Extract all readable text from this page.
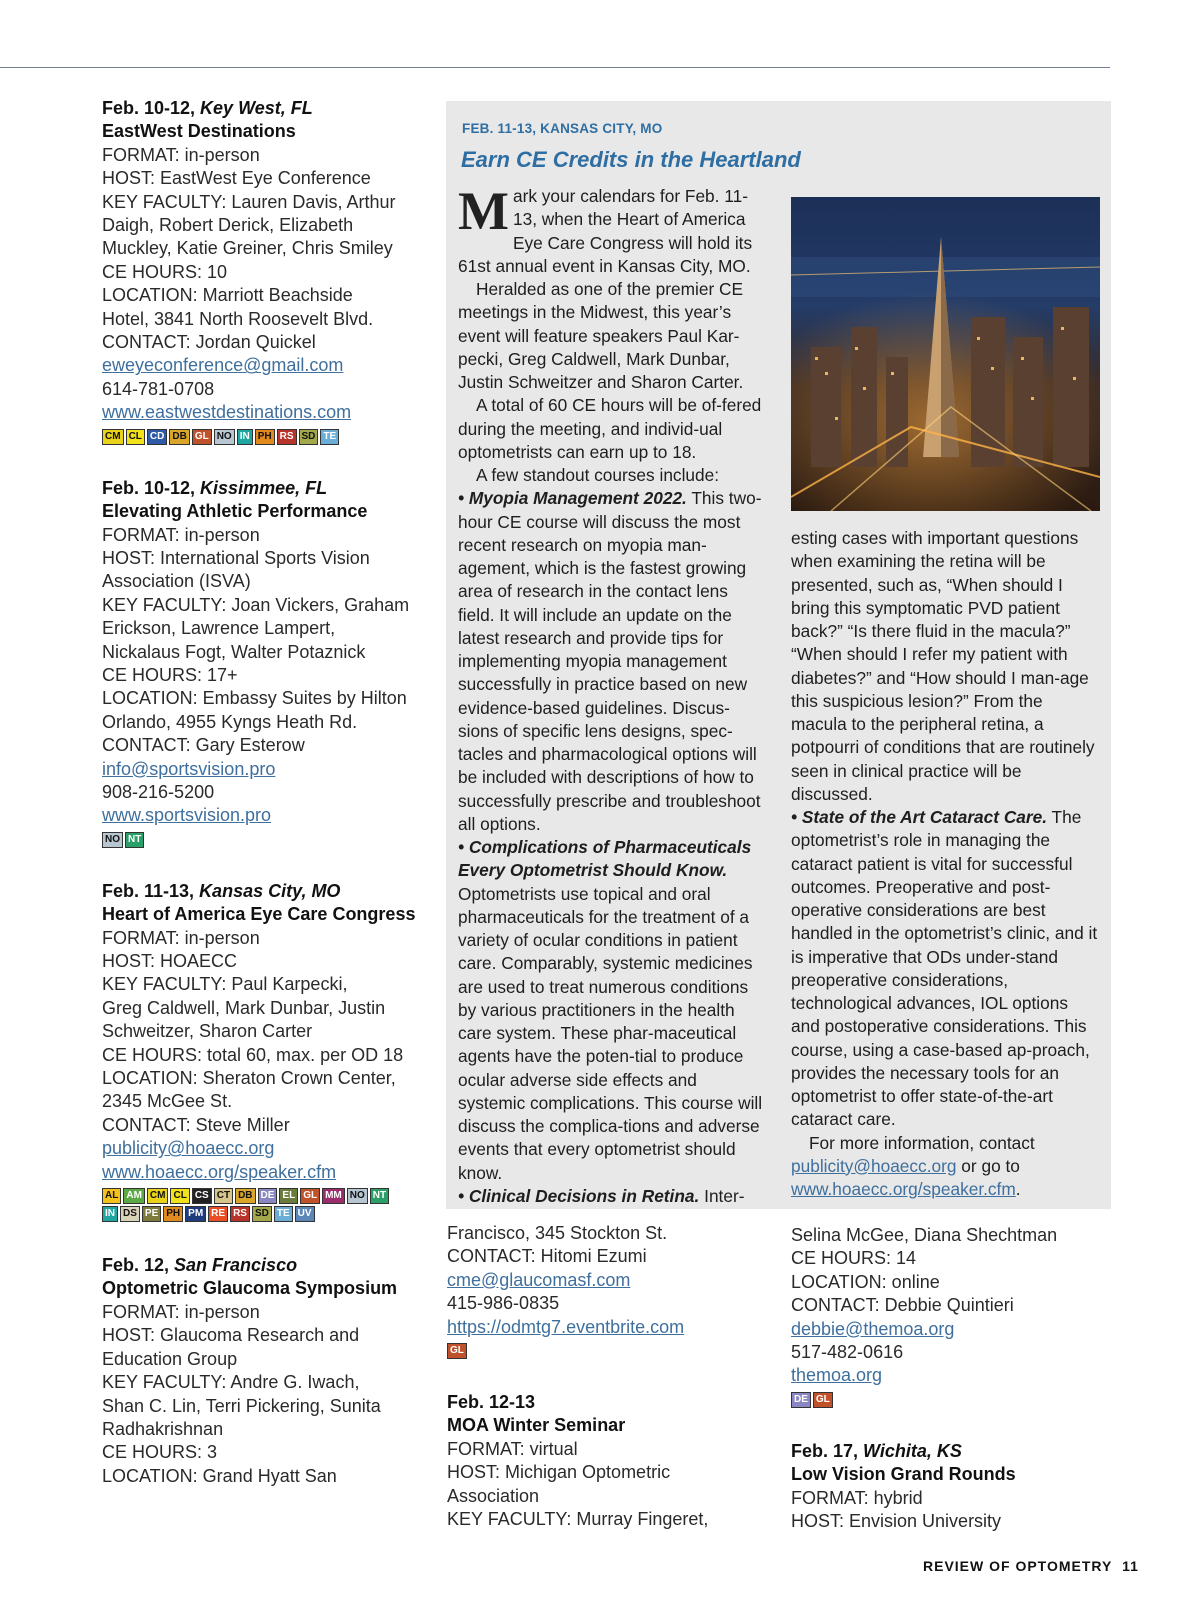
Feb. 10-12, Key West, FL
EastWest Destinations
FORMAT: in-person
HOST: EastWest Eye Conference
KEY FACULTY: Lauren Davis, Arthur
Daigh, Robert Derick, Elizabeth
Muckley, Katie Greiner, Chris Smiley
CE HOURS: 10
LOCATION: Marriott Beachside
Hotel, 3841 North Roosevelt Blvd.
CONTACT: Jordan Quickel
eweyeconference@gmail.com
614-781-0708
www.eastwestdestinations.com
CM CL CD DB GL NO IN PH RS SD TE
Feb. 10-12, Kissimmee, FL
Elevating Athletic Performance
FORMAT: in-person
HOST: International Sports Vision
Association (ISVA)
KEY FACULTY: Joan Vickers, Graham
Erickson, Lawrence Lampert,
Nickalaus Fogt, Walter Potaznick
CE HOURS: 17+
LOCATION: Embassy Suites by Hilton
Orlando, 4955 Kyngs Heath Rd.
CONTACT: Gary Esterow
info@sportsvision.pro
908-216-5200
www.sportsvision.pro
NO NT
Feb. 11-13, Kansas City, MO
Heart of America Eye Care Congress
FORMAT: in-person
HOST: HOAECC
KEY FACULTY: Paul Karpecki,
Greg Caldwell, Mark Dunbar, Justin
Schweitzer, Sharon Carter
CE HOURS: total 60, max. per OD 18
LOCATION: Sheraton Crown Center,
2345 McGee St.
CONTACT: Steve Miller
publicity@hoaecc.org
www.hoaecc.org/speaker.cfm
AL AM CM CL CS CT DB DE EL GL MM NO NT
IN DS PE PH PM RE RS SD TE UV
Feb. 12, San Francisco
Optometric Glaucoma Symposium
FORMAT: in-person
HOST: Glaucoma Research and
Education Group
KEY FACULTY: Andre G. Iwach,
Shan C. Lin, Terri Pickering, Sunita
Radhakrishnan
CE HOURS: 3
LOCATION: Grand Hyatt San
FEB. 11-13, KANSAS CITY, MO
Earn CE Credits in the Heartland
Mark your calendars for Feb. 11-13, when the Heart of America Eye Care Congress will hold its 61st annual event in Kansas City, MO.
Heralded as one of the premier CE meetings in the Midwest, this year’s event will feature speakers Paul Kar-pecki, Greg Caldwell, Mark Dunbar, Justin Schweitzer and Sharon Carter.
A total of 60 CE hours will be of-fered during the meeting, and individ-ual optometrists can earn up to 18.
A few standout courses include:
• Myopia Management 2022. This two-hour CE course will discuss the most recent research on myopia man-agement, which is the fastest growing area of research in the contact lens field. It will include an update on the latest research and provide tips for implementing myopia management successfully in practice based on new evidence-based guidelines. Discus-sions of specific lens designs, spec-tacles and pharmacological options will be included with descriptions of how to successfully prescribe and troubleshoot all options.
• Complications of Pharmaceuticals Every Optometrist Should Know. Optometrists use topical and oral pharmaceuticals for the treatment of a variety of ocular conditions in patient care. Comparably, systemic medicines are used to treat numerous conditions by various practitioners in the health care system. These phar-maceutical agents have the poten-tial to produce ocular adverse side effects and systemic complications. This course will discuss the complica-tions and adverse events that every optometrist should know.
• Clinical Decisions in Retina. Inter-
esting cases with important questions when examining the retina will be presented, such as, “When should I bring this symptomatic PVD patient back?” “Is there fluid in the macula?” “When should I refer my patient with diabetes?” and “How should I man-age this suspicious lesion?” From the macula to the peripheral retina, a potpourri of conditions that are routinely seen in clinical practice will be discussed.
• State of the Art Cataract Care. The optometrist’s role in managing the cataract patient is vital for successful outcomes. Preoperative and post-operative considerations are best handled in the optometrist’s clinic, and it is imperative that ODs under-stand preoperative considerations, technological advances, IOL options and postoperative considerations. This course, using a case-based ap-proach, provides the necessary tools for an optometrist to offer state-of-the-art cataract care.
For more information, contact publicity@hoaecc.org or go to www.hoaecc.org/speaker.cfm.
Francisco, 345 Stockton St.
CONTACT: Hitomi Ezumi
cme@glaucomasf.com
415-986-0835
https://odmtg7.eventbrite.com
GL
Feb. 12-13
MOA Winter Seminar
FORMAT: virtual
HOST: Michigan Optometric
Association
KEY FACULTY: Murray Fingeret,
Selina McGee, Diana Shechtman
CE HOURS: 14
LOCATION: online
CONTACT: Debbie Quintieri
debbie@themoa.org
517-482-0616
themoa.org
DE GL
Feb. 17, Wichita, KS
Low Vision Grand Rounds
FORMAT: hybrid
HOST: Envision University
REVIEW OF OPTOMETRY 11
